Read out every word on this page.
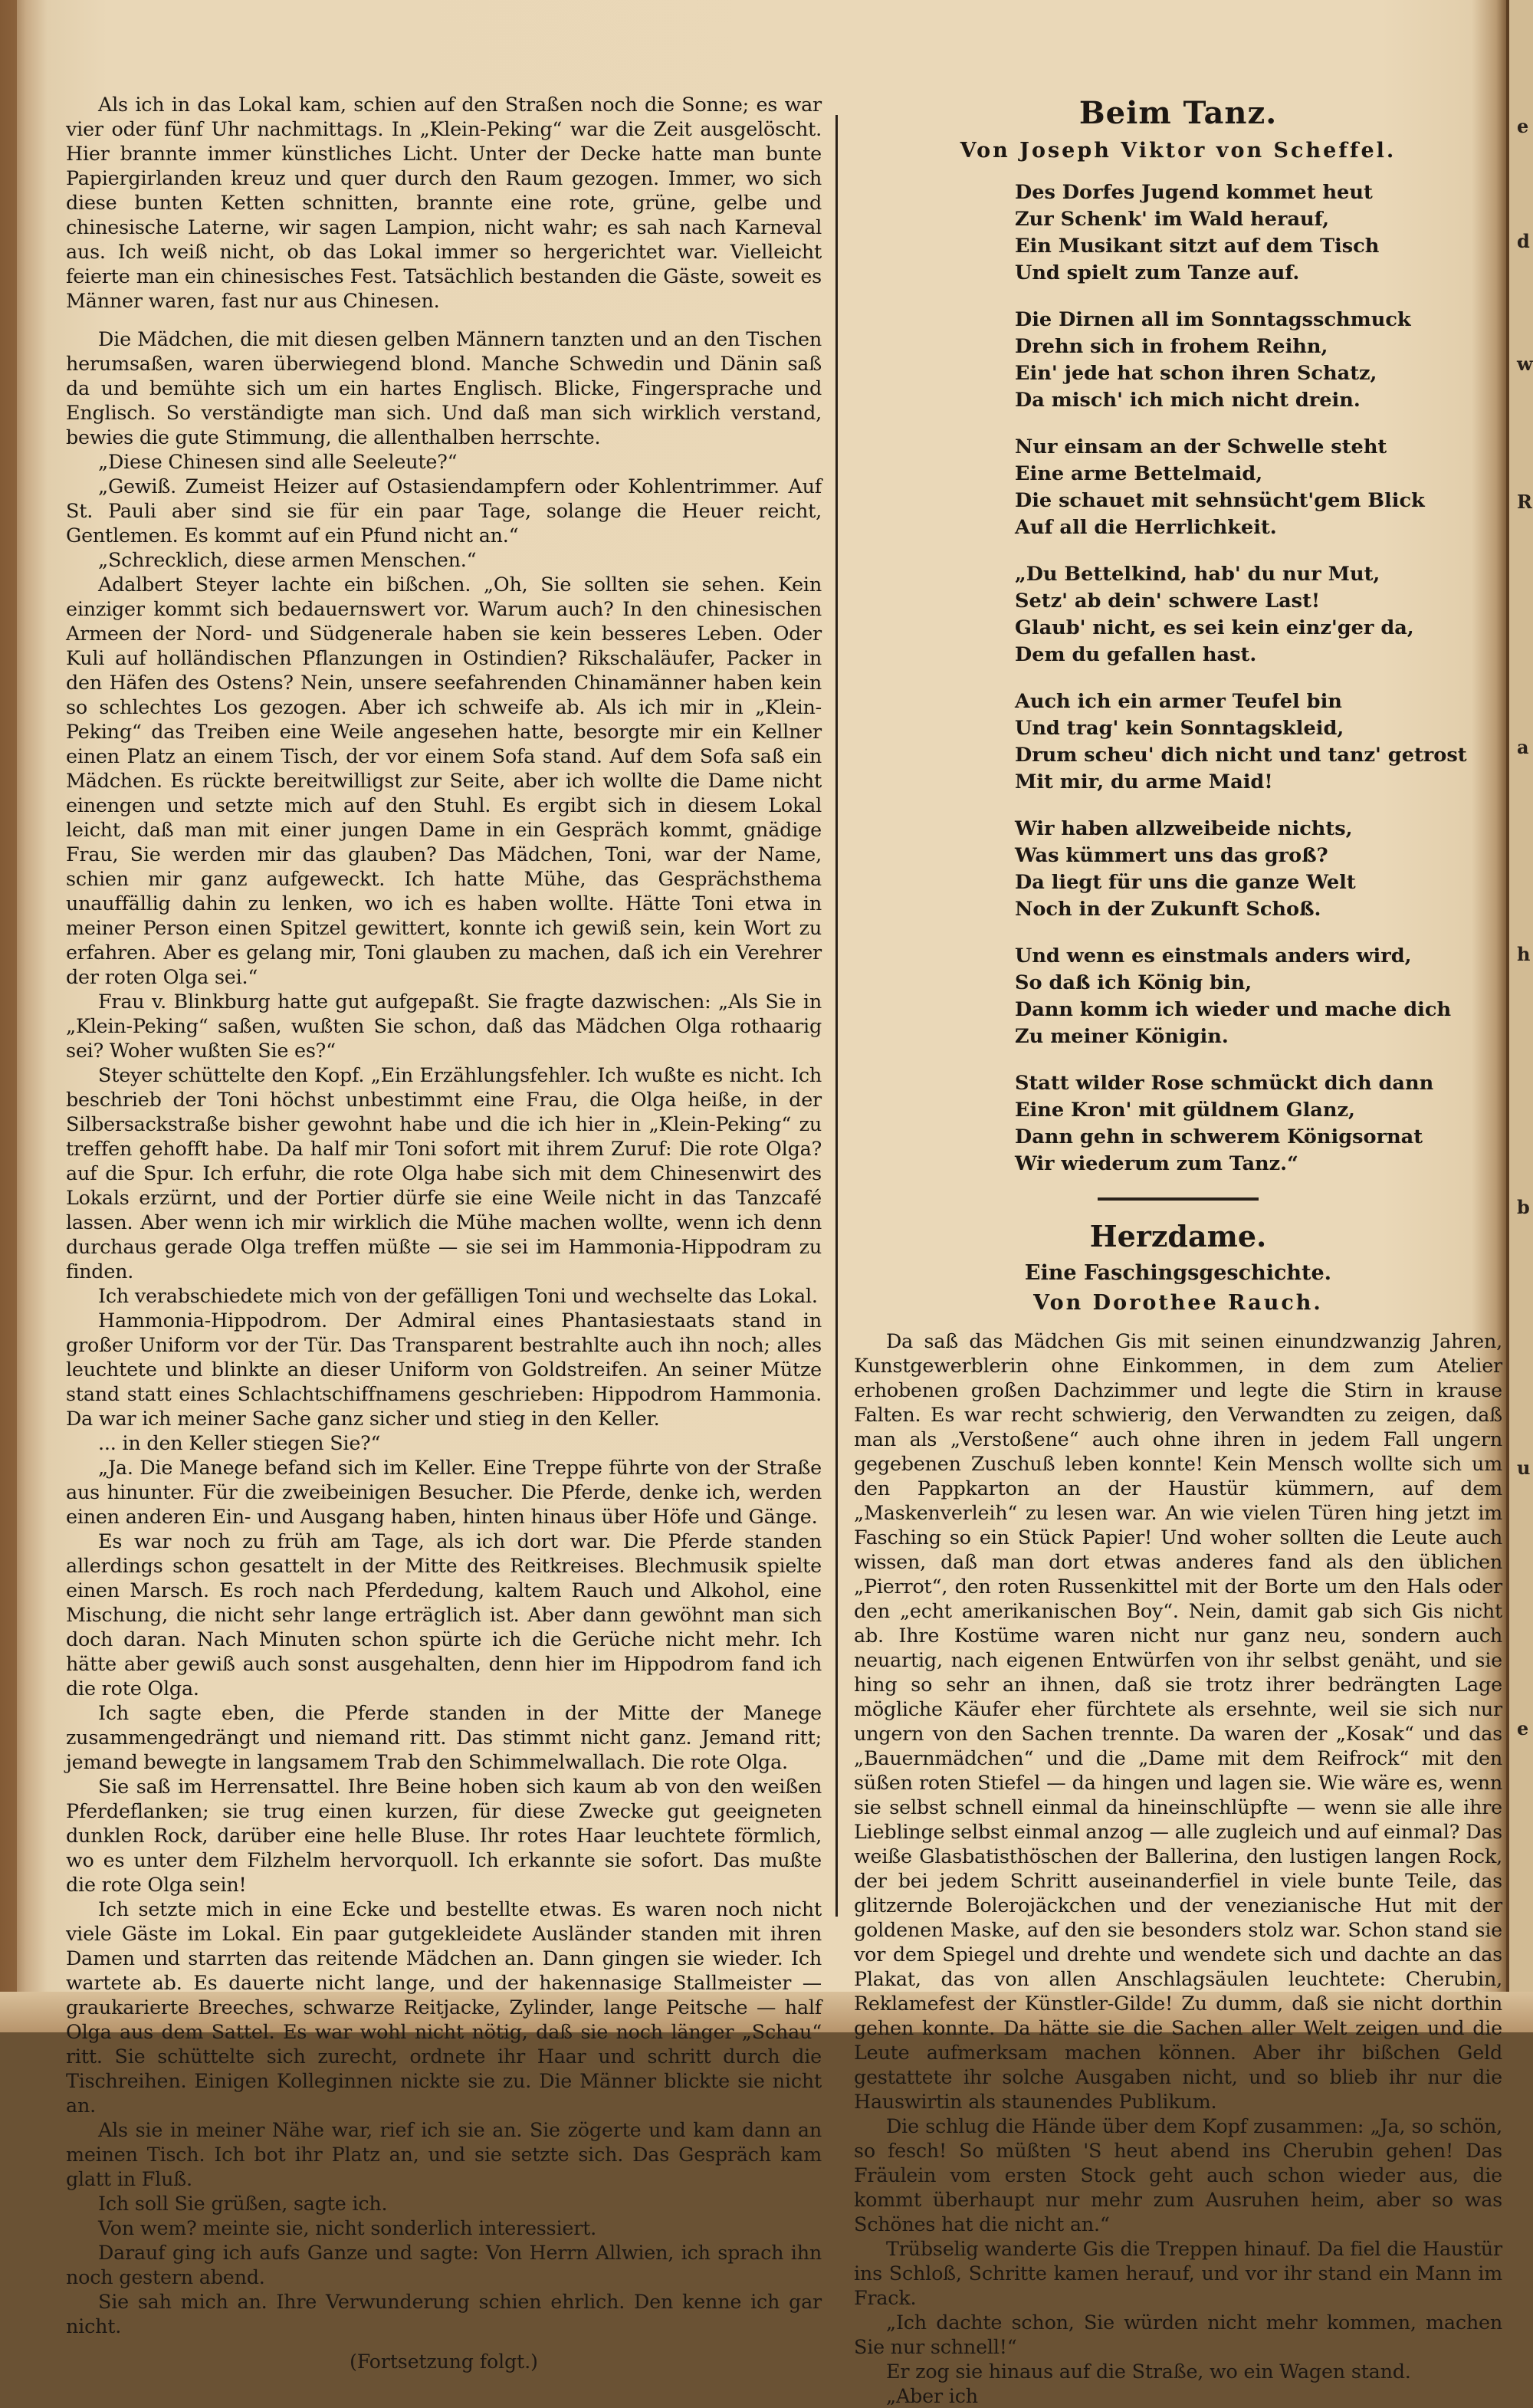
e
d
w
R
a
h
b
u
e

Als ich in das Lokal kam, schien auf den Straßen noch die Sonne; es war vier oder fünf Uhr nachmittags. In „Klein-Peking“ war die Zeit ausgelöscht. Hier brannte immer künstliches Licht. Unter der Decke hatte man bunte Papiergirlanden kreuz und quer durch den Raum gezogen. Immer, wo sich diese bunten Ketten schnitten, brannte eine rote, grüne, gelbe und chinesische Laterne, wir sagen Lampion, nicht wahr; es sah nach Karneval aus. Ich weiß nicht, ob das Lokal immer so hergerichtet war. Vielleicht feierte man ein chinesisches Fest. Tatsächlich bestanden die Gäste, soweit es Männer waren, fast nur aus Chinesen.

Die Mädchen, die mit diesen gelben Männern tanzten und an den Tischen herumsaßen, waren überwiegend blond. Manche Schwedin und Dänin saß da und bemühte sich um ein hartes Englisch. Blicke, Fingersprache und Englisch. So verständigte man sich. Und daß man sich wirklich verstand, bewies die gute Stimmung, die allenthalben herrschte.

„Diese Chinesen sind alle Seeleute?“

„Gewiß. Zumeist Heizer auf Ostasiendampfern oder Kohlentrimmer. Auf St. Pauli aber sind sie für ein paar Tage, solange die Heuer reicht, Gentlemen. Es kommt auf ein Pfund nicht an.“

„Schrecklich, diese armen Menschen.“

Adalbert Steyer lachte ein bißchen. „Oh, Sie sollten sie sehen. Kein einziger kommt sich bedauernswert vor. Warum auch? In den chinesischen Armeen der Nord- und Südgenerale haben sie kein besseres Leben. Oder Kuli auf holländischen Pflanzungen in Ostindien? Rikschaläufer, Packer in den Häfen des Ostens? Nein, unsere seefahrenden Chinamänner haben kein so schlechtes Los gezogen. Aber ich schweife ab. Als ich mir in „Klein-Peking“ das Treiben eine Weile angesehen hatte, besorgte mir ein Kellner einen Platz an einem Tisch, der vor einem Sofa stand. Auf dem Sofa saß ein Mädchen. Es rückte bereitwilligst zur Seite, aber ich wollte die Dame nicht einengen und setzte mich auf den Stuhl. Es ergibt sich in diesem Lokal leicht, daß man mit einer jungen Dame in ein Gespräch kommt, gnädige Frau, Sie werden mir das glauben? Das Mädchen, Toni, war der Name, schien mir ganz aufgeweckt. Ich hatte Mühe, das Gesprächsthema unauffällig dahin zu lenken, wo ich es haben wollte. Hätte Toni etwa in meiner Person einen Spitzel gewittert, konnte ich gewiß sein, kein Wort zu erfahren. Aber es gelang mir, Toni glauben zu machen, daß ich ein Verehrer der roten Olga sei.“

Frau v. Blinkburg hatte gut aufgepaßt. Sie fragte dazwischen: „Als Sie in „Klein-Peking“ saßen, wußten Sie schon, daß das Mädchen Olga rothaarig sei? Woher wußten Sie es?“

Steyer schüttelte den Kopf. „Ein Erzählungsfehler. Ich wußte es nicht. Ich beschrieb der Toni höchst unbestimmt eine Frau, die Olga heiße, in der Silbersackstraße bisher gewohnt habe und die ich hier in „Klein-Peking“ zu treffen gehofft habe. Da half mir Toni sofort mit ihrem Zuruf: Die rote Olga? auf die Spur. Ich erfuhr, die rote Olga habe sich mit dem Chinesenwirt des Lokals erzürnt, und der Portier dürfe sie eine Weile nicht in das Tanzcafé lassen. Aber wenn ich mir wirklich die Mühe machen wollte, wenn ich denn durchaus gerade Olga treffen müßte — sie sei im Hammonia-Hippodram zu finden.

Ich verabschiedete mich von der gefälligen Toni und wechselte das Lokal.

Hammonia-Hippodrom. Der Admiral eines Phantasiestaats stand in großer Uniform vor der Tür. Das Transparent bestrahlte auch ihn noch; alles leuchtete und blinkte an dieser Uniform von Goldstreifen. An seiner Mütze stand statt eines Schlachtschiffnamens geschrieben: Hippodrom Hammonia. Da war ich meiner Sache ganz sicher und stieg in den Keller.

... in den Keller stiegen Sie?“

„Ja. Die Manege befand sich im Keller. Eine Treppe führte von der Straße aus hinunter. Für die zweibeinigen Besucher. Die Pferde, denke ich, werden einen anderen Ein- und Ausgang haben, hinten hinaus über Höfe und Gänge.

Es war noch zu früh am Tage, als ich dort war. Die Pferde standen allerdings schon gesattelt in der Mitte des Reitkreises. Blechmusik spielte einen Marsch. Es roch nach Pferdedung, kaltem Rauch und Alkohol, eine Mischung, die nicht sehr lange erträglich ist. Aber dann gewöhnt man sich doch daran. Nach Minuten schon spürte ich die Gerüche nicht mehr. Ich hätte aber gewiß auch sonst ausgehalten, denn hier im Hippodrom fand ich die rote Olga.

Ich sagte eben, die Pferde standen in der Mitte der Manege zusammengedrängt und niemand ritt. Das stimmt nicht ganz. Jemand ritt; jemand bewegte in langsamem Trab den Schimmelwallach. Die rote Olga.

Sie saß im Herrensattel. Ihre Beine hoben sich kaum ab von den weißen Pferdeflanken; sie trug einen kurzen, für diese Zwecke gut geeigneten dunklen Rock, darüber eine helle Bluse. Ihr rotes Haar leuchtete förmlich, wo es unter dem Filzhelm hervorquoll. Ich erkannte sie sofort. Das mußte die rote Olga sein!

Ich setzte mich in eine Ecke und bestellte etwas. Es waren noch nicht viele Gäste im Lokal. Ein paar gutgekleidete Ausländer standen mit ihren Damen und starrten das reitende Mädchen an. Dann gingen sie wieder. Ich wartete ab. Es dauerte nicht lange, und der hakennasige Stallmeister — graukarierte Breeches, schwarze Reitjacke, Zylinder, lange Peitsche — half Olga aus dem Sattel. Es war wohl nicht nötig, daß sie noch länger „Schau“ ritt. Sie schüttelte sich zurecht, ordnete ihr Haar und schritt durch die Tischreihen. Einigen Kolleginnen nickte sie zu. Die Männer blickte sie nicht an.

Als sie in meiner Nähe war, rief ich sie an. Sie zögerte und kam dann an meinen Tisch. Ich bot ihr Platz an, und sie setzte sich. Das Gespräch kam glatt in Fluß.

Ich soll Sie grüßen, sagte ich.

Von wem? meinte sie, nicht sonderlich interessiert.

Darauf ging ich aufs Ganze und sagte: Von Herrn Allwien, ich sprach ihn noch gestern abend.

Sie sah mich an. Ihre Verwunderung schien ehrlich. Den kenne ich gar nicht.

(Fortsetzung folgt.)
Beim Tanz.
Von Joseph Viktor von Scheffel.
Des Dorfes Jugend kommet heut
Zur Schenk' im Wald herauf,
Ein Musikant sitzt auf dem Tisch
Und spielt zum Tanze auf.
Die Dirnen all im Sonntagsschmuck
Drehn sich in frohem Reihn,
Ein' jede hat schon ihren Schatz,
Da misch' ich mich nicht drein.
Nur einsam an der Schwelle steht
Eine arme Bettelmaid,
Die schauet mit sehnsücht'gem Blick
Auf all die Herrlichkeit.
„Du Bettelkind, hab' du nur Mut,
Setz' ab dein' schwere Last!
Glaub' nicht, es sei kein einz'ger da,
Dem du gefallen hast.
Auch ich ein armer Teufel bin
Und trag' kein Sonntagskleid,
Drum scheu' dich nicht und tanz' getrost
Mit mir, du arme Maid!
Wir haben allzweibeide nichts,
Was kümmert uns das groß?
Da liegt für uns die ganze Welt
Noch in der Zukunft Schoß.
Und wenn es einstmals anders wird,
So daß ich König bin,
Dann komm ich wieder und mache dich
Zu meiner Königin.
Statt wilder Rose schmückt dich dann
Eine Kron' mit güldnem Glanz,
Dann gehn in schwerem Königsornat
Wir wiederum zum Tanz.“
Herzdame.
Eine Faschingsgeschichte.
Von Dorothee Rauch.

Da saß das Mädchen Gis mit seinen einundzwanzig Jahren, Kunstgewerblerin ohne Einkommen, in dem zum Atelier erhobenen großen Dachzimmer und legte die Stirn in krause Falten. Es war recht schwierig, den Verwandten zu zeigen, daß man als „Verstoßene“ auch ohne ihren in jedem Fall ungern gegebenen Zuschuß leben konnte! Kein Mensch wollte sich um den Pappkarton an der Haustür kümmern, auf dem „Maskenverleih“ zu lesen war. An wie vielen Türen hing jetzt im Fasching so ein Stück Papier! Und woher sollten die Leute auch wissen, daß man dort etwas anderes fand als den üblichen „Pierrot“, den roten Russenkittel mit der Borte um den Hals oder den „echt amerikanischen Boy“. Nein, damit gab sich Gis nicht ab. Ihre Kostüme waren nicht nur ganz neu, sondern auch neuartig, nach eigenen Entwürfen von ihr selbst genäht, und sie hing so sehr an ihnen, daß sie trotz ihrer bedrängten Lage mögliche Käufer eher fürchtete als ersehnte, weil sie sich nur ungern von den Sachen trennte. Da waren der „Kosak“ und das „Bauernmädchen“ und die „Dame mit dem Reifrock“ mit den süßen roten Stiefel — da hingen und lagen sie. Wie wäre es, wenn sie selbst schnell einmal da hineinschlüpfte — wenn sie alle ihre Lieblinge selbst einmal anzog — alle zugleich und auf einmal? Das weiße Glasbatisthöschen der Ballerina, den lustigen langen Rock, der bei jedem Schritt auseinanderfiel in viele bunte Teile, das glitzernde Bolerojäckchen und der venezianische Hut mit der goldenen Maske, auf den sie besonders stolz war. Schon stand sie vor dem Spiegel und drehte und wendete sich und dachte an das Plakat, das von allen Anschlagsäulen leuchtete: Cherubin, Reklamefest der Künstler-Gilde! Zu dumm, daß sie nicht dorthin gehen konnte. Da hätte sie die Sachen aller Welt zeigen und die Leute aufmerksam machen können. Aber ihr bißchen Geld gestattete ihr solche Ausgaben nicht, und so blieb ihr nur die Hauswirtin als staunendes Publikum.

Die schlug die Hände über dem Kopf zusammen: „Ja, so schön, so fesch! So müßten 'S heut abend ins Cherubin gehen! Das Fräulein vom ersten Stock geht auch schon wieder aus, die kommt überhaupt nur mehr zum Ausruhen heim, aber so was Schönes hat die nicht an.“

Trübselig wanderte Gis die Treppen hinauf. Da fiel die Haustür ins Schloß, Schritte kamen herauf, und vor ihr stand ein Mann im Frack.

„Ich dachte schon, Sie würden nicht mehr kommen, machen Sie nur schnell!“

Er zog sie hinaus auf die Straße, wo ein Wagen stand.

„Aber ich
